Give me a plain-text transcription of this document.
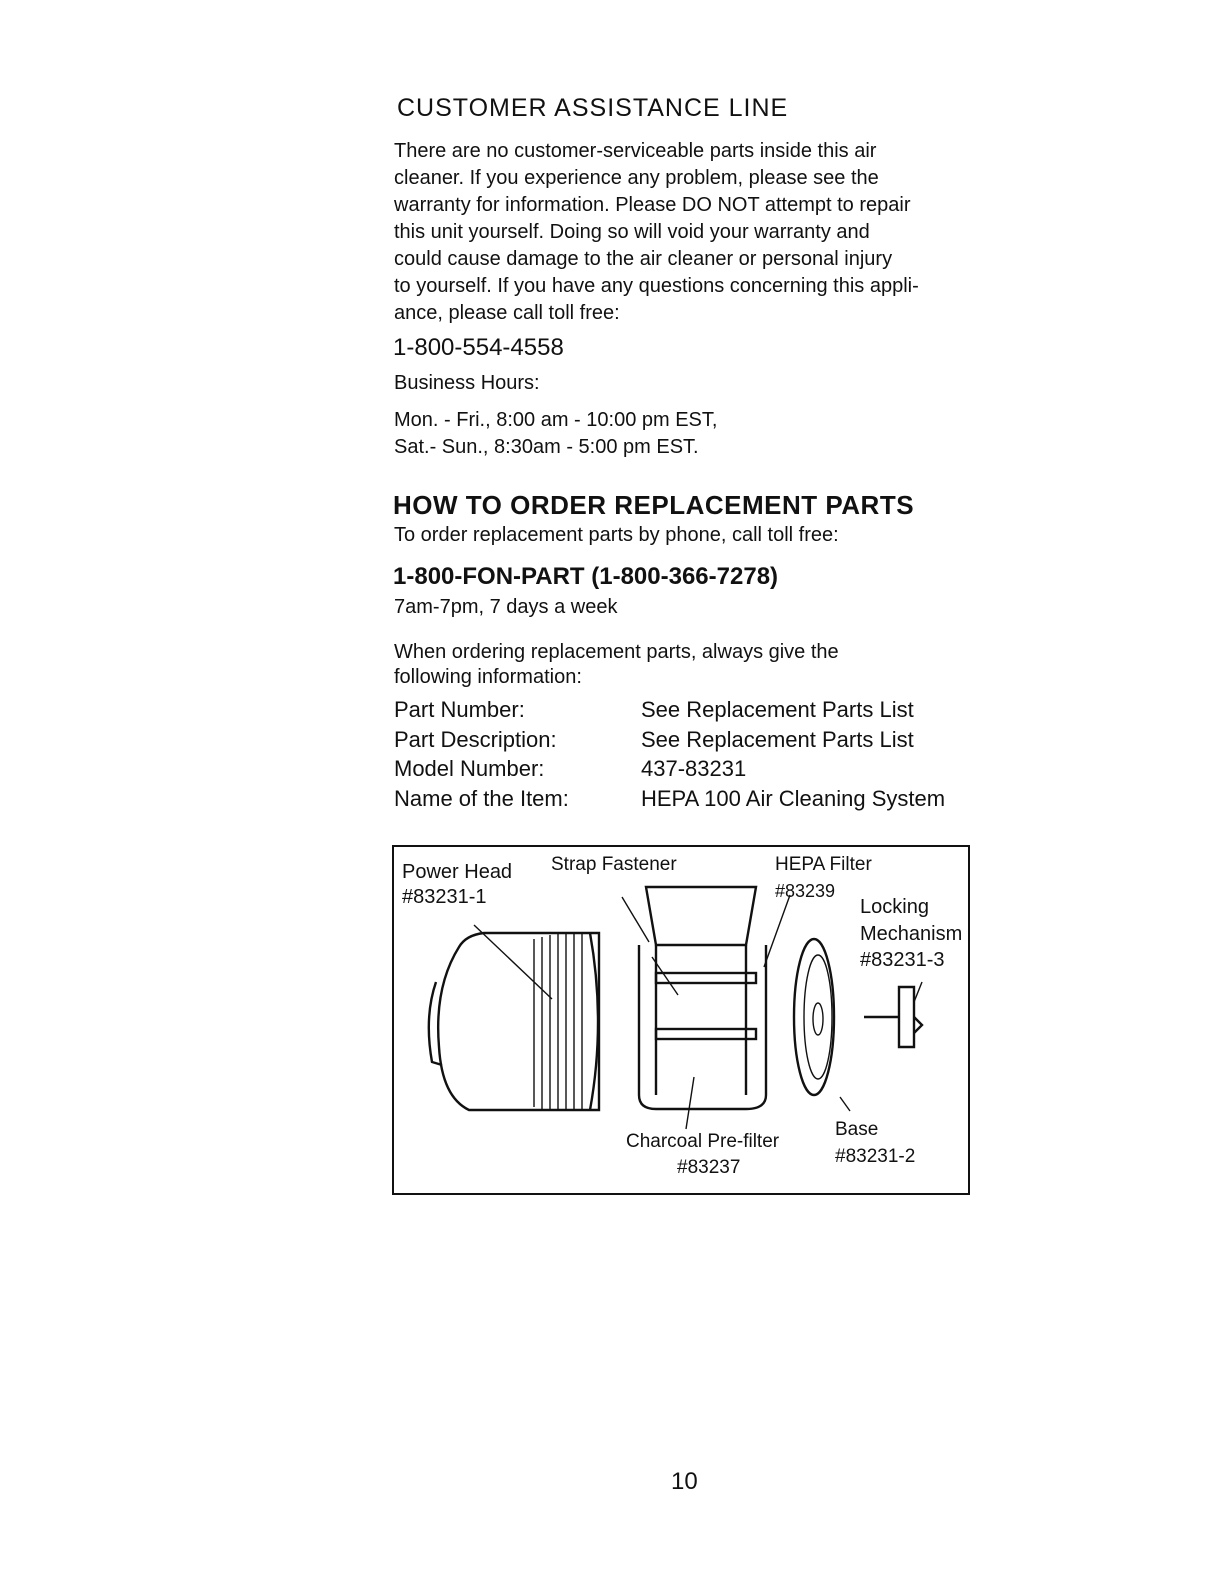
CUSTOMER ASSISTANCE LINE
There are no customer-serviceable parts inside this air
cleaner. If you experience any problem, please see the
warranty for information. Please DO NOT attempt to repair
this unit yourself. Doing so will void your warranty and
could cause damage to the air cleaner or personal injury
to yourself. If you have any questions concerning this appli-
ance, please call toll free:
1-800-554-4558
Business Hours:
Mon. - Fri., 8:00 am - 10:00 pm EST,
Sat.- Sun., 8:30am - 5:00 pm EST.
HOW TO ORDER REPLACEMENT PARTS
To order replacement parts by phone, call toll free:
1-800-FON-PART (1-800-366-7278)
7am-7pm, 7 days a week
When ordering replacement parts, always give the
following information:
Part Number:	See Replacement Parts List
Part Description:	See Replacement Parts List
Model Number:	437-83231
Name of the Item:	HEPA 100 Air Cleaning System
Power Head
#83231-1
Strap Fastener	HEPA Filter
#83239
Locking
Mechanism
#83231-3
Charcoal Pre-filter
#83237
Base
#83231-2
10
